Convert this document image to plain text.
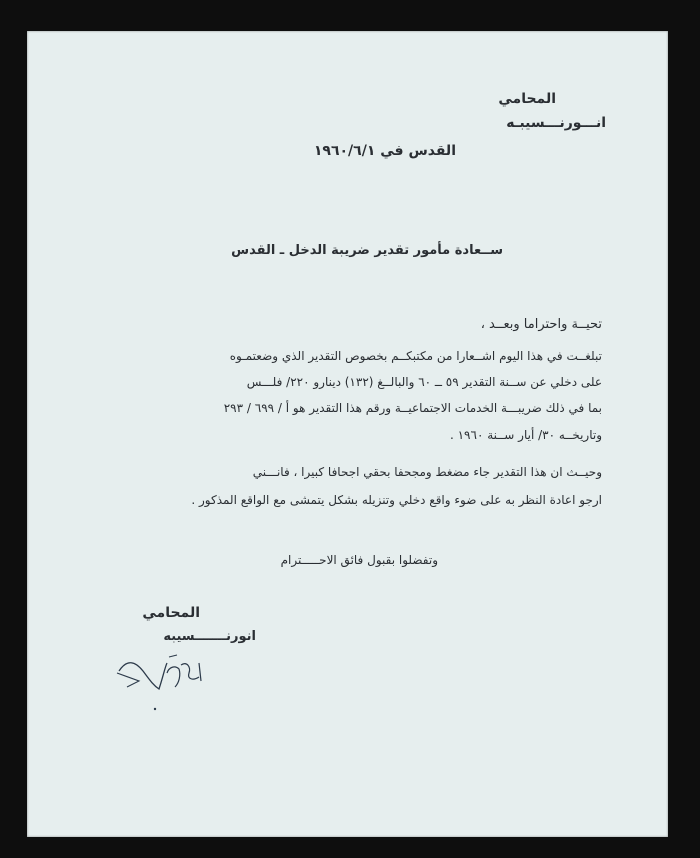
المحامي
انـــورنـــسيبـه
القدس في ١٩٦٠/٦/١
ســعادة مأمور تقدير ضريبة الدخل ـ القدس
تحيــة واحتراما وبعــد ،
تبلغــت في هذا اليوم اشــعارا من مكتبكــم بخصوص التقدير الذي وضعتمـوه
على دخلي عن ســنة التقدير ٥٩ ــ ٦٠ والبالــغ (١٣٢) دينارو ٢٢٠/ فلـــس
بما في ذلك ضريبـــة الخدمات الاجتماعيــة ورقم هذا التقدير هو أ / ٦٩٩ / ٢٩٣
وتاريخــه ٣٠/ أيار ســنة ١٩٦٠ .
وحيــث ان هذا التقدير جاء مضغط ومجحفا بحقي اجحافا كبيرا ، فانـــني
ارجو اعادة النظر به على ضوء واقع دخلي وتنزيله بشكل يتمشى مع الواقع المذكور .
وتفضلوا بقبول فائق الاحـــــترام
المحامي
انورنـــــــسيبه
